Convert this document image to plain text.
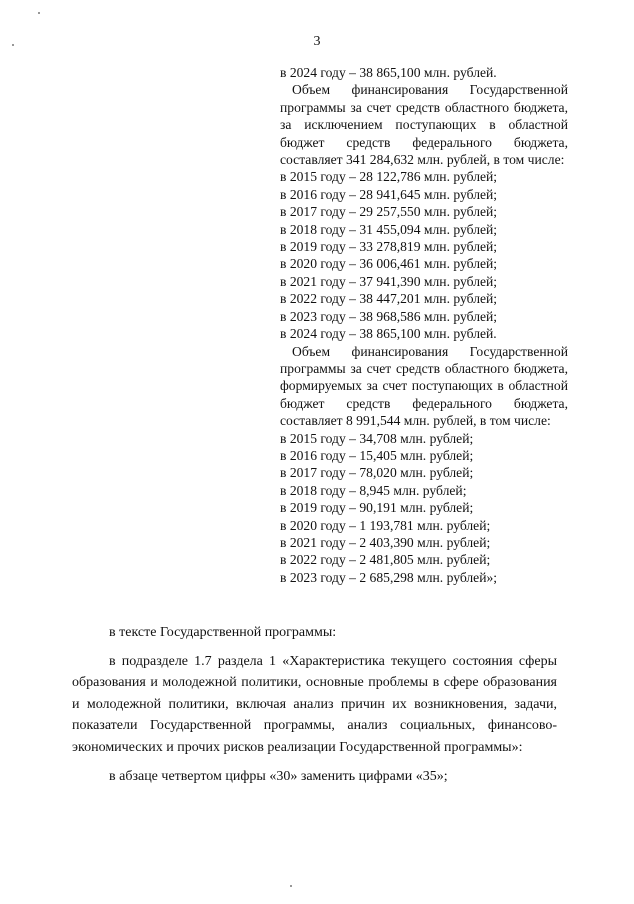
3

в 2024 году – 38 865,100 млн. рублей.

Объем финансирования Государственной программы за счет средств областного бюджета, за исключением поступающих в областной бюджет средств федерального бюджета, составляет 341 284,632 млн. рублей, в том числе:

в 2015 году – 28 122,786 млн. рублей;

в 2016 году – 28 941,645 млн. рублей;

в 2017 году – 29 257,550 млн. рублей;

в 2018 году – 31 455,094 млн. рублей;

в 2019 году – 33 278,819 млн. рублей;

в 2020 году – 36 006,461 млн. рублей;

в 2021 году – 37 941,390 млн. рублей;

в 2022 году – 38 447,201 млн. рублей;

в 2023 году – 38 968,586 млн. рублей;

в 2024 году – 38 865,100 млн. рублей.

Объем финансирования Государственной программы за счет средств областного бюджета, формируемых за счет поступающих в областной бюджет средств федерального бюджета, составляет 8 991,544 млн. рублей, в том числе:

в 2015 году – 34,708 млн. рублей;

в 2016 году – 15,405 млн. рублей;

в 2017 году – 78,020 млн. рублей;

в 2018 году – 8,945 млн. рублей;

в 2019 году – 90,191 млн. рублей;

в 2020 году – 1 193,781 млн. рублей;

в 2021 году – 2 403,390 млн. рублей;

в 2022 году – 2 481,805 млн. рублей;

в 2023 году – 2 685,298 млн. рублей»;

в тексте Государственной программы:

в подразделе 1.7 раздела 1 «Характеристика текущего состояния сферы образования и молодежной политики, основные проблемы в сфере образования и молодежной политики, включая анализ причин их возникновения, задачи, показатели Государственной программы, анализ социальных, финансово-экономических и прочих рисков реализации Государственной программы»:

в абзаце четвертом цифры «30» заменить цифрами «35»;
